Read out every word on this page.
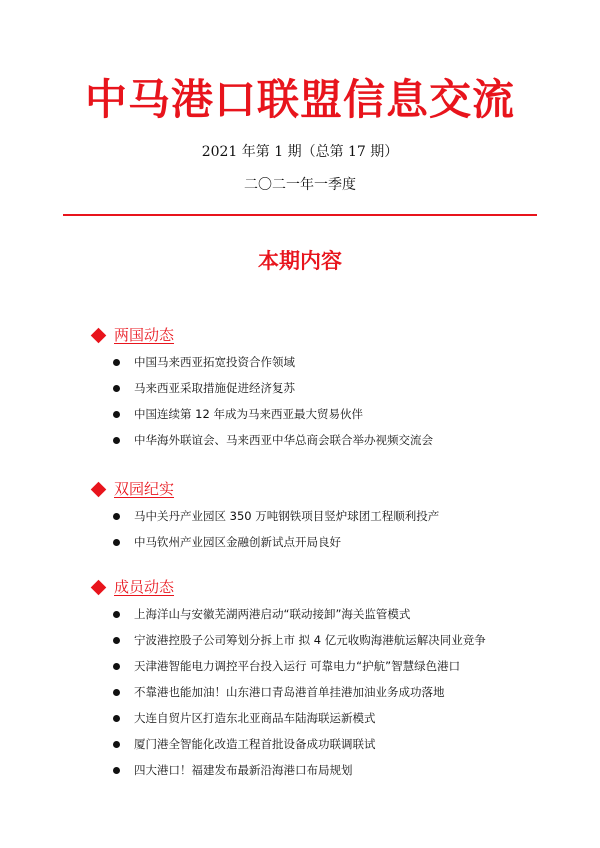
中马港口联盟信息交流
2021 年第 1 期（总第 17 期）
二〇二一年一季度
本期内容
两国动态
中国马来西亚拓宽投资合作领域
马来西亚采取措施促进经济复苏
中国连续第 12 年成为马来西亚最大贸易伙伴
中华海外联谊会、马来西亚中华总商会联合举办视频交流会
双园纪实
马中关丹产业园区 350 万吨钢铁项目竖炉球团工程顺利投产
中马钦州产业园区金融创新试点开局良好
成员动态
上海洋山与安徽芜湖两港启动“联动接卸”海关监管模式
宁波港控股子公司筹划分拆上市 拟 4 亿元收购海港航运解决同业竞争
天津港智能电力调控平台投入运行 可靠电力“护航”智慧绿色港口
不靠港也能加油！山东港口青岛港首单挂港加油业务成功落地
大连自贸片区打造东北亚商品车陆海联运新模式
厦门港全智能化改造工程首批设备成功联调联试
四大港口！福建发布最新沿海港口布局规划
